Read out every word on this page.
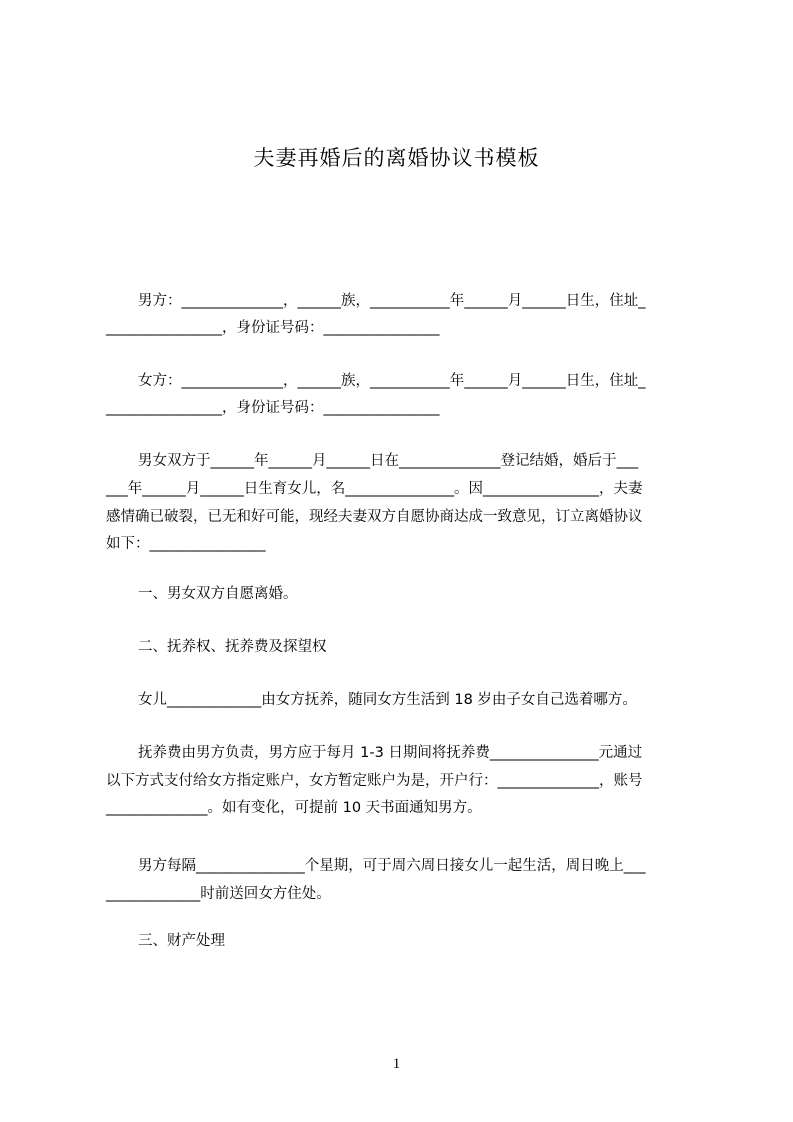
夫妻再婚后的离婚协议书模板
男方：______________，______族，___________年______月______日生，住址_
________________，身份证号码：________________
女方：______________，______族，___________年______月______日生，住址_
________________，身份证号码：________________
男女双方于______年______月______日在______________登记结婚，婚后于___
___年______月______日生育女儿，名_______________。因________________，夫妻
感情确已破裂，已无和好可能，现经夫妻双方自愿协商达成一致意见，订立离婚协议
如下：________________
一、男女双方自愿离婚。
二、抚养权、抚养费及探望权
女儿_____________由女方抚养，随同女方生活到 18 岁由子女自己选着哪方。
抚养费由男方负责，男方应于每月 1-3 日期间将抚养费_______________元通过
以下方式支付给女方指定账户，女方暂定账户为是，开户行：______________，账号
______________。如有变化，可提前 10 天书面通知男方。
男方每隔_______________个星期，可于周六周日接女儿一起生活，周日晚上___
_____________时前送回女方住处。
三、财产处理
1
